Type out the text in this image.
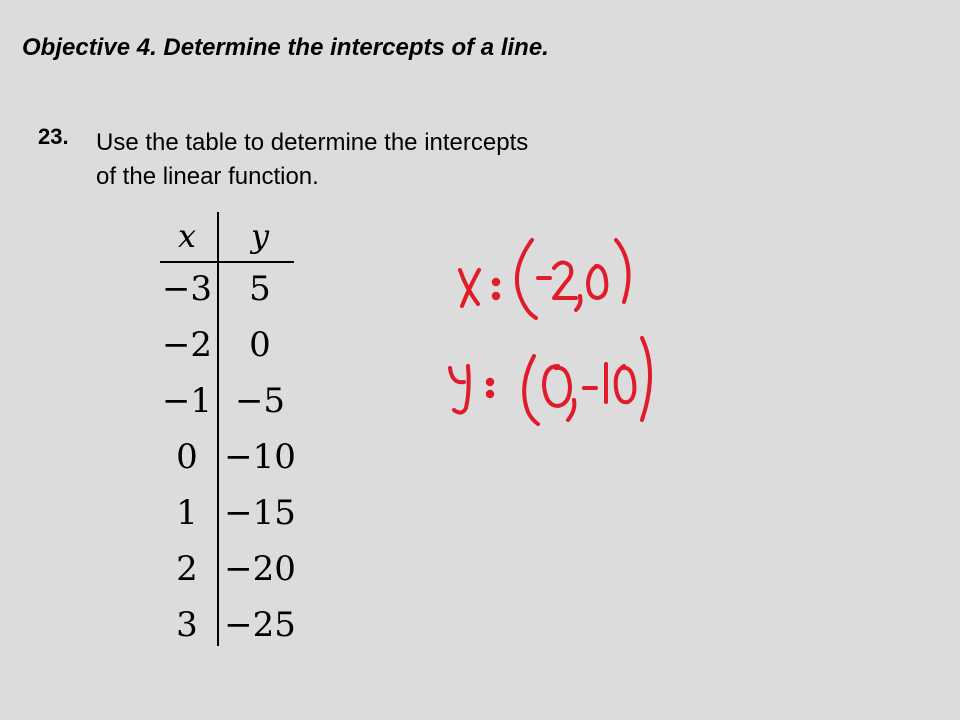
Objective 4. Determine the intercepts of a line.
23. Use the table to determine the intercepts
of the linear function.
x	y
−3	5
−2	0
−1 −5
0 −10
1 −15
2 −20
3 −25
